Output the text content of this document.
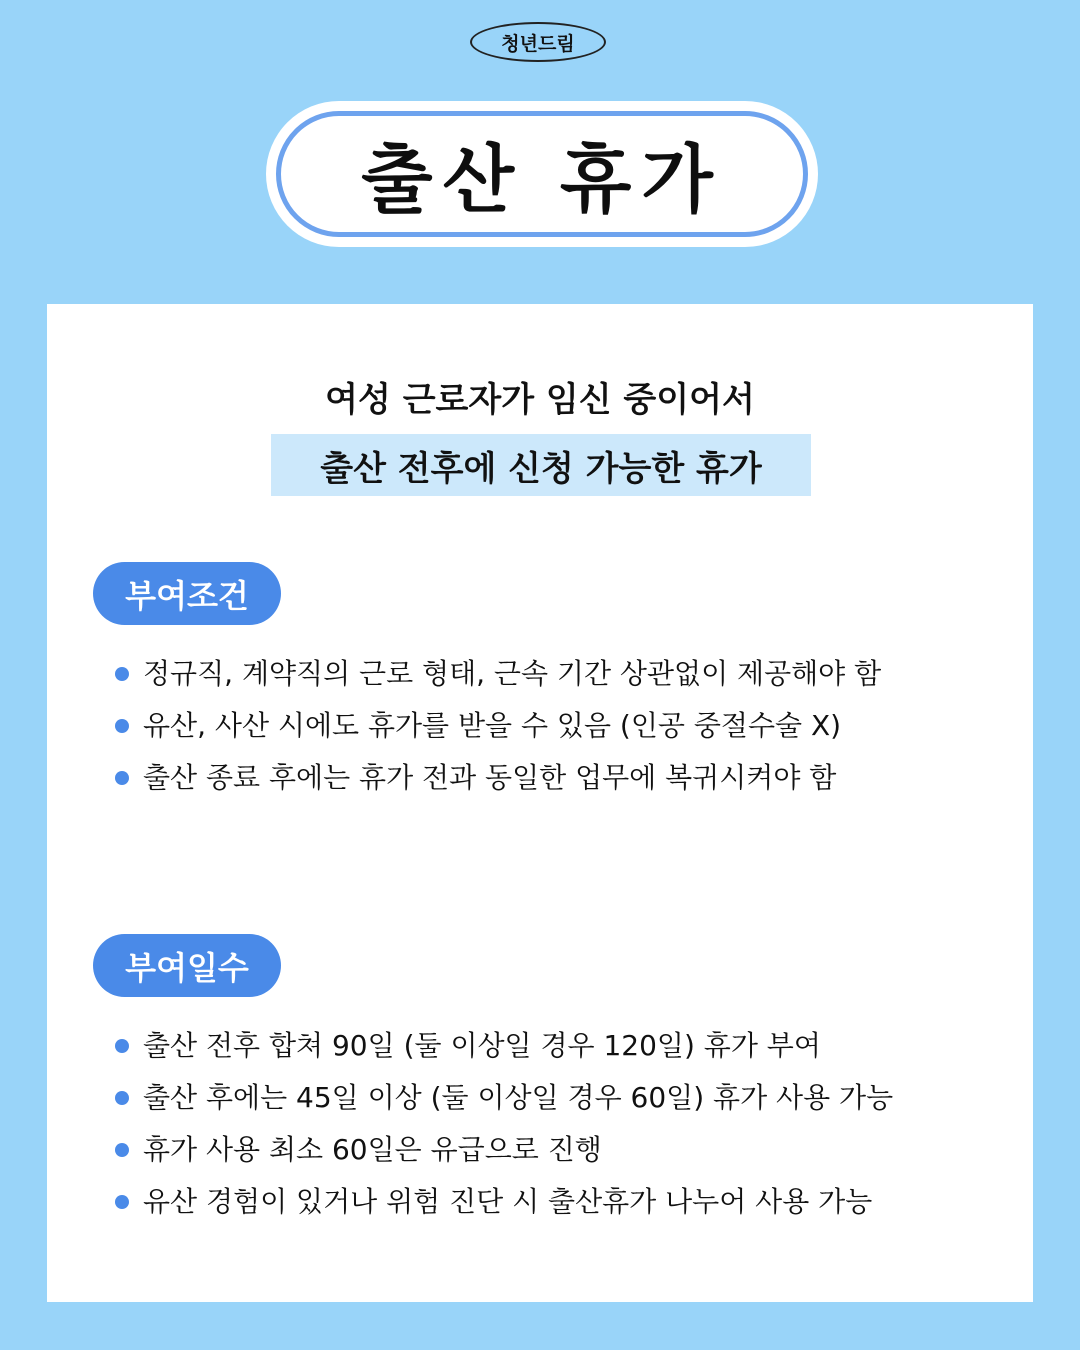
청년드림
출산 휴가
여성 근로자가 임신 중이어서
출산 전후에 신청 가능한 휴가
부여조건
정규직, 계약직의 근로 형태, 근속 기간 상관없이 제공해야 함
유산, 사산 시에도 휴가를 받을 수 있음 (인공 중절수술 X)
출산 종료 후에는 휴가 전과 동일한 업무에 복귀시켜야 함
부여일수
출산 전후 합쳐 90일 (둘 이상일 경우 120일) 휴가 부여
출산 후에는 45일 이상 (둘 이상일 경우 60일) 휴가 사용 가능
휴가 사용 최소 60일은 유급으로 진행
유산 경험이 있거나 위험 진단 시 출산휴가 나누어 사용 가능
